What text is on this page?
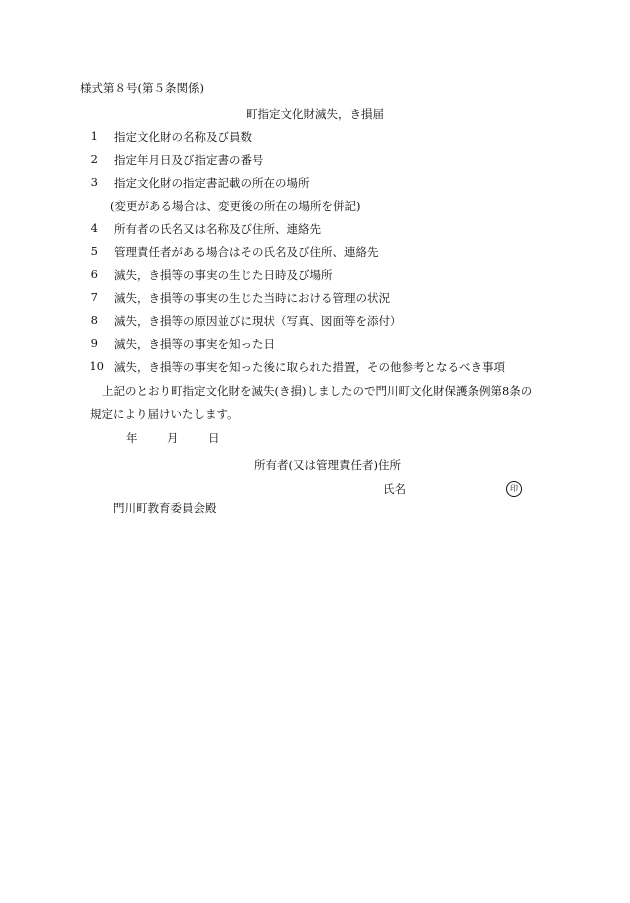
様式第８号(第５条関係)
町指定文化財滅失，き損届
1 指定文化財の名称及び員数
2 指定年月日及び指定書の番号
3 指定文化財の指定書記載の所在の場所
(変更がある場合は、変更後の所在の場所を併記)
4 所有者の氏名又は名称及び住所、連絡先
5 管理責任者がある場合はその氏名及び住所、連絡先
6 滅失，き損等の事実の生じた日時及び場所
7 滅失，き損等の事実の生じた当時における管理の状況
8 滅失，き損等の原因並びに現状（写真、図面等を添付）
9 滅失，き損等の事実を知った日
10 滅失，き損等の事実を知った後に取られた措置，その他参考となるべき事項
上記のとおり町指定文化財を滅失(き損)しましたので門川町文化財保護条例第8条の
規定により届けいたします。
年	月	日
所有者(又は管理責任者)住所
氏名	印
門川町教育委員会殿
